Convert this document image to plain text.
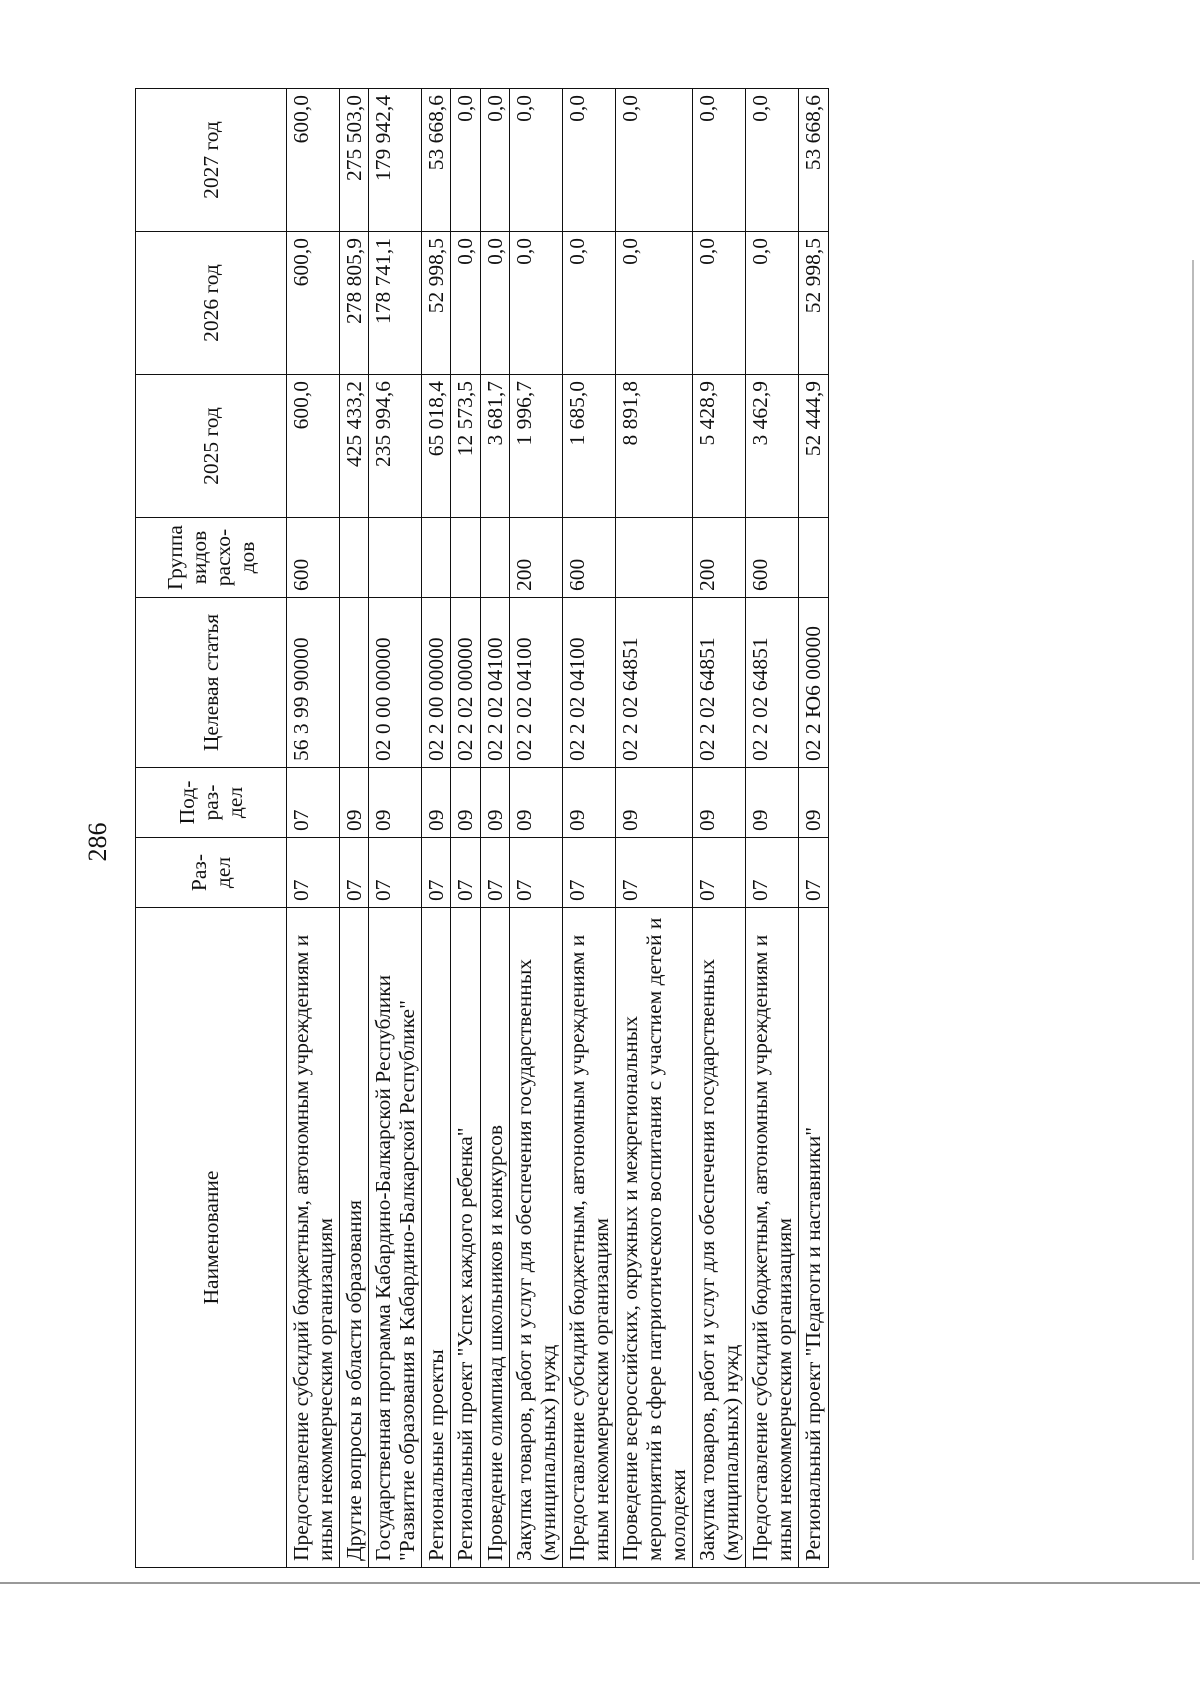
286
Наименование	Раз-дел	Под-раз-дел	Целевая статья	Группа видов расхо-дов	2025 год	2026 год	2027 год
Предоставление субсидий бюджетным, автономным учреждениям и иным некоммерческим организациям	07	07	56 3 99 90000	600	600,0	600,0	600,0
Другие вопросы в области образования	07	09			425 433,2	278 805,9	275 503,0
Государственная программа Кабардино-Балкарской Республики "Развитие образования в Кабардино-Балкарской Республике"	07	09	02 0 00 00000		235 994,6	178 741,1	179 942,4
Региональные проекты	07	09	02 2 00 00000		65 018,4	52 998,5	53 668,6
Региональный проект "Успех каждого ребенка"	07	09	02 2 02 00000		12 573,5	0,0	0,0
Проведение олимпиад школьников и конкурсов	07	09	02 2 02 04100		3 681,7	0,0	0,0
Закупка товаров, работ и услуг для обеспечения государственных (муниципальных) нужд	07	09	02 2 02 04100	200	1 996,7	0,0	0,0
Предоставление субсидий бюджетным, автономным учреждениям и иным некоммерческим организациям	07	09	02 2 02 04100	600	1 685,0	0,0	0,0
Проведение всероссийских, окружных и межрегиональных мероприятий в сфере патриотического воспитания с участием детей и молодежи	07	09	02 2 02 64851		8 891,8	0,0	0,0
Закупка товаров, работ и услуг для обеспечения государственных (муниципальных) нужд	07	09	02 2 02 64851	200	5 428,9	0,0	0,0
Предоставление субсидий бюджетным, автономным учреждениям и иным некоммерческим организациям	07	09	02 2 02 64851	600	3 462,9	0,0	0,0
Региональный проект "Педагоги и наставники"	07	09	02 2 Ю6 00000		52 444,9	52 998,5	53 668,6
